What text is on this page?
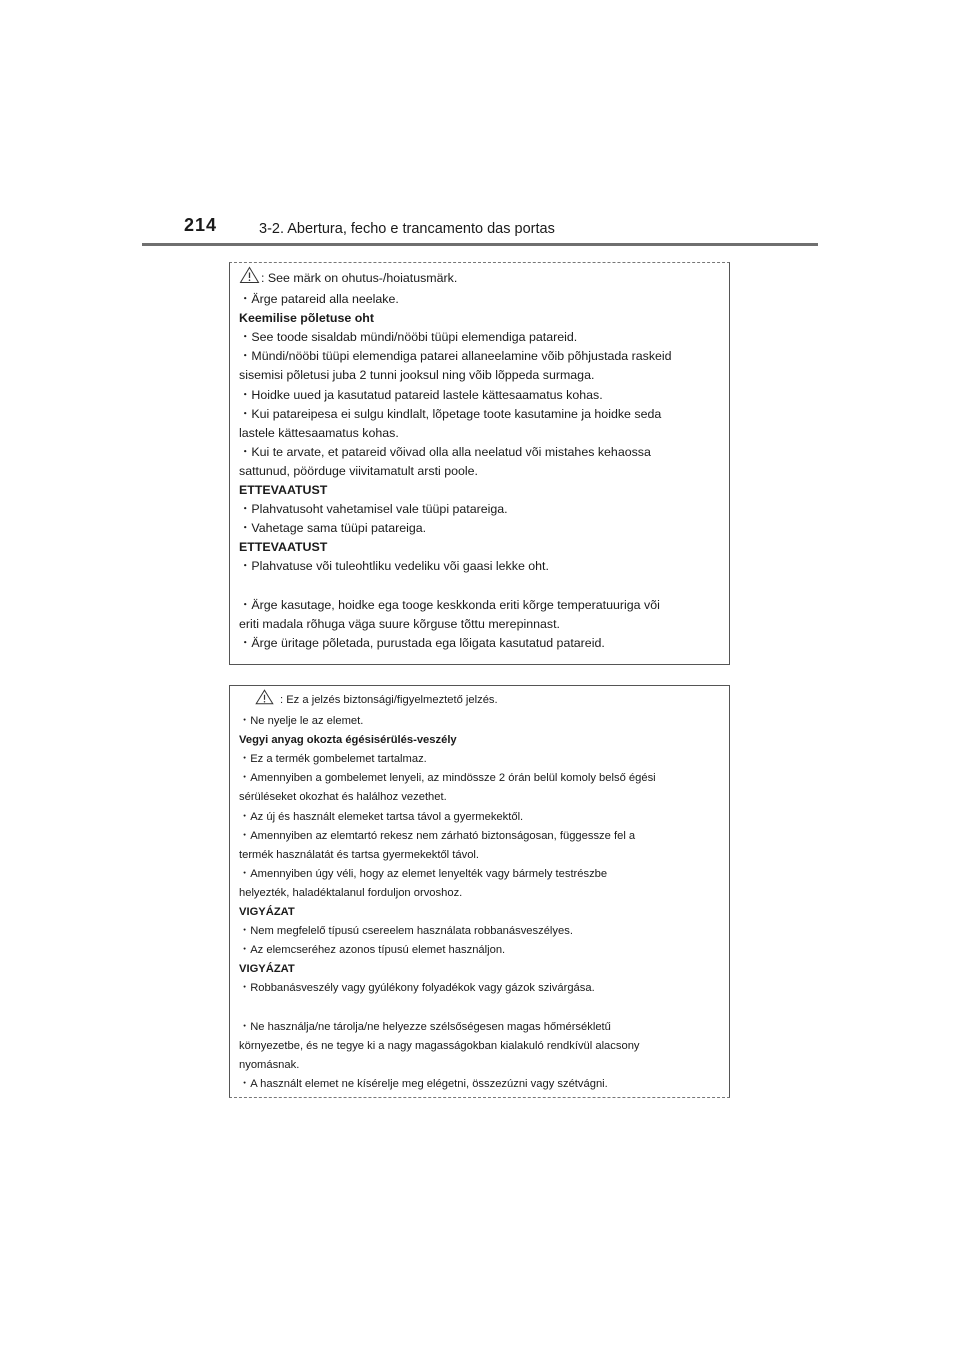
214	3-2. Abertura, fecho e trancamento das portas
: See märk on ohutus-/hoiatusmärk.
・Ärge patareid alla neelake.
Keemilise põletuse oht
・See toode sisaldab mündi/nööbi tüüpi elemendiga patareid.
・Mündi/nööbi tüüpi elemendiga patarei allaneelamine võib põhjustada raskeid
sisemisi põletusi juba 2 tunni jooksul ning võib lõppeda surmaga.
・Hoidke uued ja kasutatud patareid lastele kättesaamatus kohas.
・Kui patareipesa ei sulgu kindlalt, lõpetage toote kasutamine ja hoidke seda
lastele kättesaamatus kohas.
・Kui te arvate, et patareid võivad olla alla neelatud või mistahes kehaossa
sattunud, pöörduge viivitamatult arsti poole.
ETTEVAATUST
・Plahvatusoht vahetamisel vale tüüpi patareiga.
・Vahetage sama tüüpi patareiga.
ETTEVAATUST
・Plahvatuse või tuleohtliku vedeliku või gaasi lekke oht.
・Ärge kasutage, hoidke ega tooge keskkonda eriti kõrge temperatuuriga või
eriti madala rõhuga väga suure kõrguse tõttu merepinnast.
・Ärge üritage põletada, purustada ega lõigata kasutatud patareid.
: Ez a jelzés biztonsági/figyelmeztető jelzés.
・Ne nyelje le az elemet.
Vegyi anyag okozta égésisérülés-veszély
・Ez a termék gombelemet tartalmaz.
・Amennyiben a gombelemet lenyeli, az mindössze 2 órán belül komoly belső égési
sérüléseket okozhat és halálhoz vezethet.
・Az új és használt elemeket tartsa távol a gyermekektől.
・Amennyiben az elemtartó rekesz nem zárható biztonságosan, függessze fel a
termék használatát és tartsa gyermekektől távol.
・Amennyiben úgy véli, hogy az elemet lenyelték vagy bármely testrészbe
helyezték, haladéktalanul forduljon orvoshoz.
VIGYÁZAT
・Nem megfelelő típusú csereelem használata robbanásveszélyes.
・Az elemcseréhez azonos típusú elemet használjon.
VIGYÁZAT
・Robbanásveszély vagy gyúlékony folyadékok vagy gázok szivárgása.
・Ne használja/ne tárolja/ne helyezze szélsőségesen magas hőmérsékletű
környezetbe, és ne tegye ki a nagy magasságokban kialakuló rendkívül alacsony
nyomásnak.
・A használt elemet ne kísérelje meg elégetni, összezúzni vagy szétvágni.
